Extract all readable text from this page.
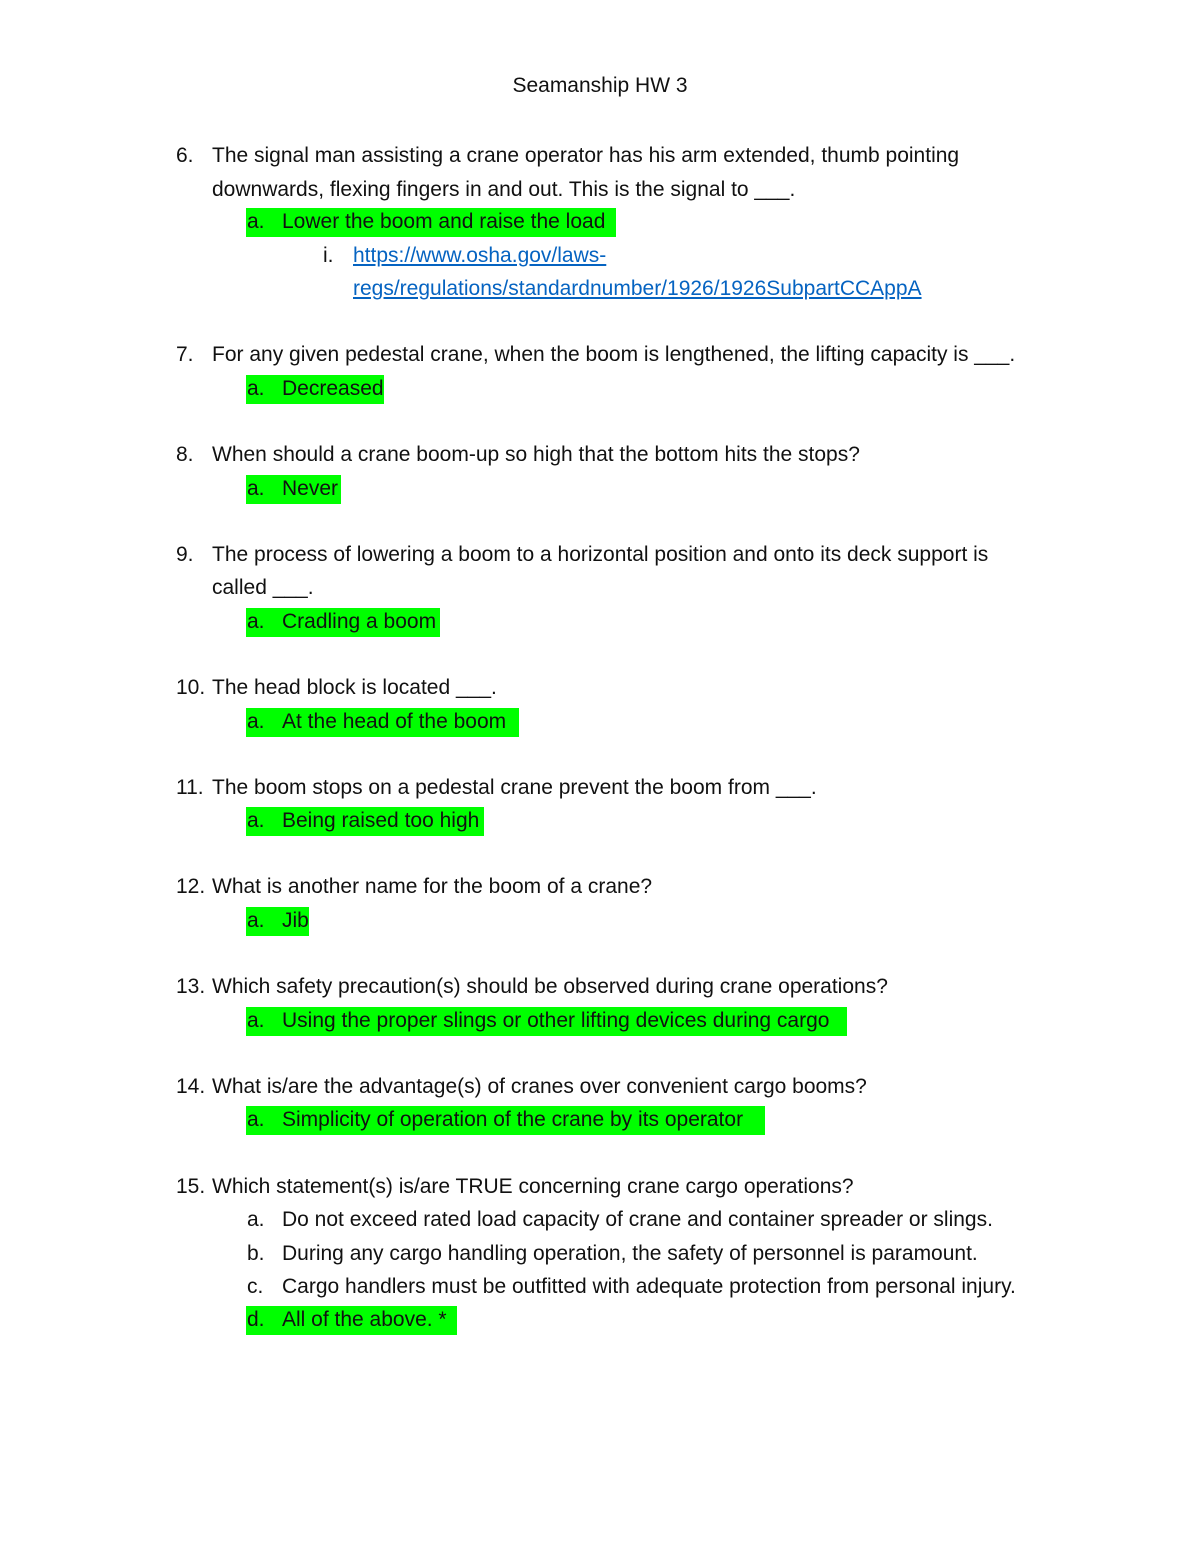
Seamanship HW 3
6. The signal man assisting a crane operator has his arm extended, thumb pointing
downwards, flexing fingers in and out. This is the signal to ___.
a. Lower the boom and raise the load
i. https://www.osha.gov/laws-
regs/regulations/standardnumber/1926/1926SubpartCCAppA
7. For any given pedestal crane, when the boom is lengthened, the lifting capacity is ___.
a. Decreased
8. When should a crane boom-up so high that the bottom hits the stops?
a. Never
9. The process of lowering a boom to a horizontal position and onto its deck support is
called ___.
a. Cradling a boom
10. The head block is located ___.
a. At the head of the boom
11. The boom stops on a pedestal crane prevent the boom from ___.
a. Being raised too high
12. What is another name for the boom of a crane?
a. Jib
13. Which safety precaution(s) should be observed during crane operations?
a. Using the proper slings or other lifting devices during cargo
14. What is/are the advantage(s) of cranes over convenient cargo booms?
a. Simplicity of operation of the crane by its operator
15. Which statement(s) is/are TRUE concerning crane cargo operations?
a. Do not exceed rated load capacity of crane and container spreader or slings.
b. During any cargo handling operation, the safety of personnel is paramount.
c. Cargo handlers must be outfitted with adequate protection from personal injury.
d. All of the above. *
